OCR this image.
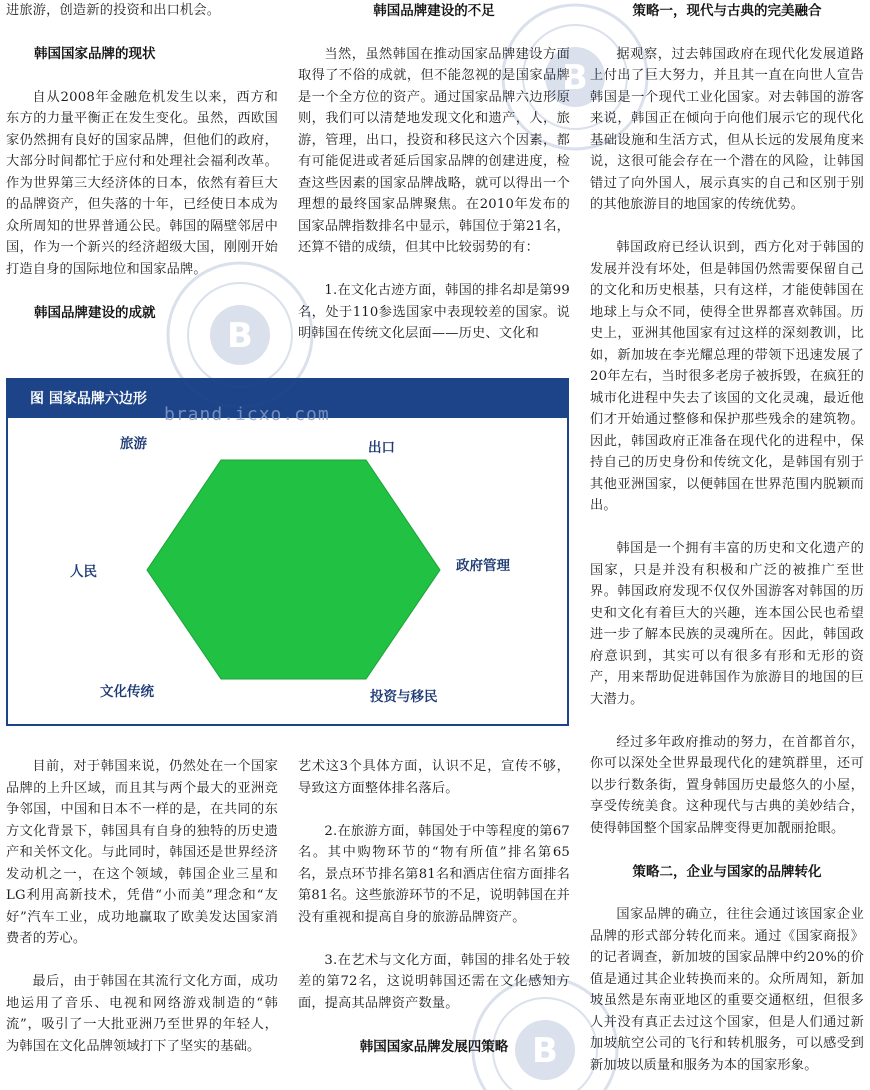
进旅游，创造新的投资和出口机会。

韩国国家品牌的现状

自从2008年金融危机发生以来，西方和东方的力量平衡正在发生变化。虽然，西欧国家仍然拥有良好的国家品牌，但他们的政府，大部分时间都忙于应付和处理社会福利改革。作为世界第三大经济体的日本，依然有着巨大的品牌资产，但失落的十年，已经使日本成为众所周知的世界普通公民。韩国的隔壁邻居中国，作为一个新兴的经济超级大国，刚刚开始打造自身的国际地位和国家品牌。

韩国品牌建设的成就
韩国品牌建设的不足

当然，虽然韩国在推动国家品牌建设方面取得了不俗的成就，但不能忽视的是国家品牌是一个全方位的资产。通过国家品牌六边形原则，我们可以清楚地发现文化和遗产，人，旅游，管理，出口，投资和移民这六个因素，都有可能促进或者延后国家品牌的创建进度，检查这些因素的国家品牌战略，就可以得出一个理想的最终国家品牌聚焦。在2010年发布的国家品牌指数排名中显示，韩国位于第21名，还算不错的成绩，但其中比较弱势的有：

1.在文化古迹方面，韩国的排名却是第99名，处于110参选国家中表现较差的国家。说明韩国在传统文化层面——历史、文化和

策略一，现代与古典的完美融合

据观察，过去韩国政府在现代化发展道路上付出了巨大努力，并且其一直在向世人宣告韩国是一个现代工业化国家。对去韩国的游客来说，韩国正在倾向于向他们展示它的现代化基础设施和生活方式，但从长远的发展角度来说，这很可能会存在一个潜在的风险，让韩国错过了向外国人，展示真实的自己和区别于别的其他旅游目的地国家的传统优势。

韩国政府已经认识到，西方化对于韩国的发展并没有坏处，但是韩国仍然需要保留自己的文化和历史根基，只有这样，才能使韩国在地球上与众不同，使得全世界都喜欢韩国。历史上，亚洲其他国家有过这样的深刻教训，比如，新加坡在李光耀总理的带领下迅速发展了20年左右，当时很多老房子被拆毁，在疯狂的城市化进程中失去了该国的文化灵魂，最近他们才开始通过整修和保护那些残余的建筑物。因此，韩国政府正准备在现代化的进程中，保持自己的历史身份和传统文化，是韩国有别于其他亚洲国家，以便韩国在世界范围内脱颖而出。

韩国是一个拥有丰富的历史和文化遗产的国家，只是并没有积极和广泛的被推广至世界。韩国政府发现不仅仅外国游客对韩国的历史和文化有着巨大的兴趣，连本国公民也希望进一步了解本民族的灵魂所在。因此，韩国政府意识到，其实可以有很多有形和无形的资产，用来帮助促进韩国作为旅游目的地国的巨大潜力。

经过多年政府推动的努力，在首都首尔，你可以深处全世界最现代化的建筑群里，还可以步行数条街，置身韩国历史最悠久的小屋，享受传统美食。这种现代与古典的美妙结合，使得韩国整个国家品牌变得更加靓丽抢眼。

策略二，企业与国家的品牌转化

国家品牌的确立，往往会通过该国家企业品牌的形式部分转化而来。通过《国家商报》的记者调查，新加坡的国家品牌中约20%的价值是通过其企业转换而来的。众所周知，新加坡虽然是东南亚地区的重要交通枢纽，但很多人并没有真正去过这个国家，但是人们通过新加坡航空公司的飞行和转机服务，可以感受到新加坡以质量和服务为本的国家形象。

图 国家品牌六边形
brand.icxo.com
旅游	出口
人民	政府管理
文化传统	投资与移民

目前，对于韩国来说，仍然处在一个国家品牌的上升区域，而且其与两个最大的亚洲竞争邻国，中国和日本不一样的是，在共同的东方文化背景下，韩国具有自身的独特的历史遗产和关怀文化。与此同时，韩国还是世界经济发动机之一，在这个领域，韩国企业三星和LG利用高新技术，凭借“小而美”理念和“友好”汽车工业，成功地赢取了欧美发达国家消费者的芳心。

最后，由于韩国在其流行文化方面，成功地运用了音乐、电视和网络游戏制造的“韩流”，吸引了一大批亚洲乃至世界的年轻人，为韩国在文化品牌领域打下了坚实的基础。

艺术这3个具体方面，认识不足，宣传不够，导致这方面整体排名落后。

2.在旅游方面，韩国处于中等程度的第67名。其中购物环节的“物有所值”排名第65名，景点环节排名第81名和酒店住宿方面排名第81名。这些旅游环节的不足，说明韩国在并没有重视和提高自身的旅游品牌资产。

3.在艺术与文化方面，韩国的排名处于较差的第72名，这说明韩国还需在文化感知方面，提高其品牌资产数量。

韩国国家品牌发展四策略
B
B
B
